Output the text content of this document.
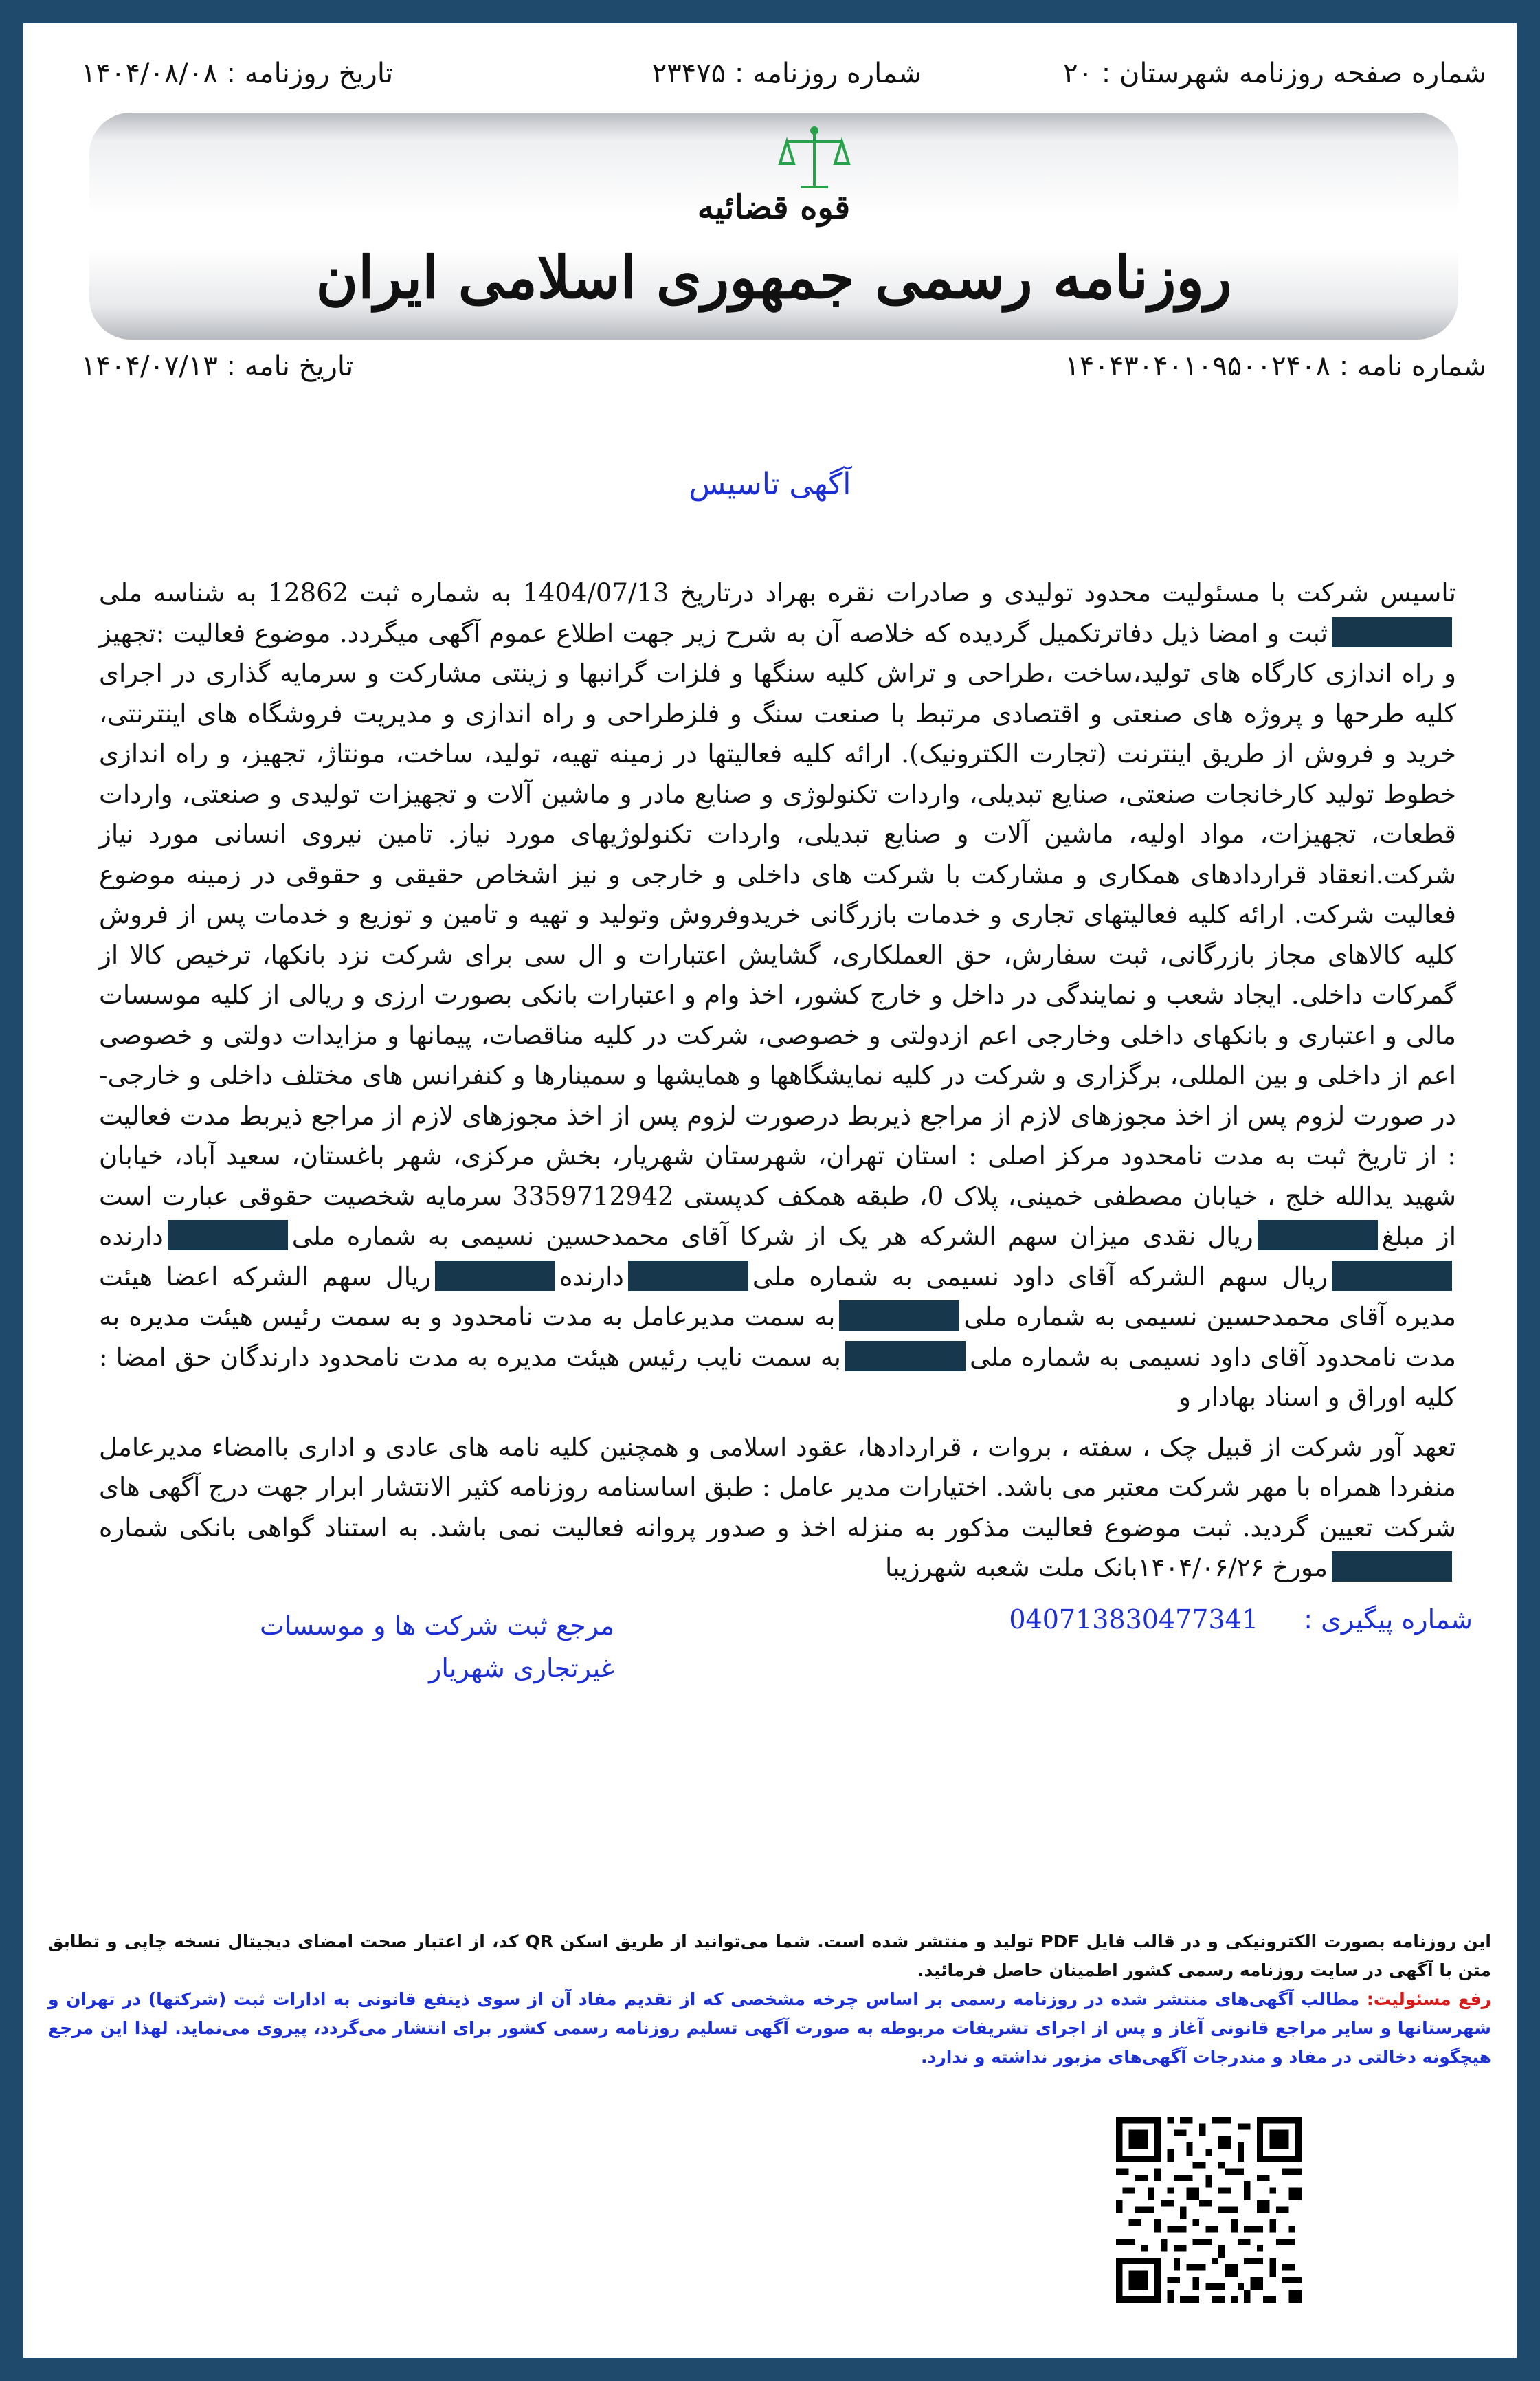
شماره صفحه روزنامه شهرستان : ۲۰
شماره روزنامه : ۲۳۴۷۵
تاریخ روزنامه : ۱۴۰۴/۰۸/۰۸
قوه قضائیه
روزنامه رسمی جمهوری اسلامی ایران
شماره نامه : ۱۴۰۴۳۰۴۰۱۰۹۵۰۰۲۴۰۸
تاریخ نامه : ۱۴۰۴/۰۷/۱۳
آگهی تاسیس

تاسیس شرکت با مسئولیت محدود تولیدی و صادرات نقره بهراد درتاریخ 1404/07/13 به شماره ثبت 12862 به شناسه ملیثبت و امضا ذیل دفاترتکمیل گردیده که خلاصه آن به شرح زیر جهت اطلاع عموم آگهی میگردد. موضوع فعالیت :تجهیز و راه اندازی کارگاه های تولید،ساخت ،طراحی و تراش کلیه سنگها و فلزات گرانبها و زینتی مشارکت و سرمایه گذاری در اجرای کلیه طرحها و پروژه های صنعتی و اقتصادی مرتبط با صنعت سنگ و فلزطراحی و راه اندازی و مدیریت فروشگاه های اینترنتی، خرید و فروش از طریق اینترنت (تجارت الکترونیک). ارائه کلیه فعالیتها در زمینه تهیه، تولید، ساخت، مونتاژ، تجهیز، و راه اندازی خطوط تولید کارخانجات صنعتی، صنایع تبدیلی، واردات تکنولوژی و صنایع مادر و ماشین آلات و تجهیزات تولیدی و صنعتی، واردات قطعات، تجهیزات، مواد اولیه، ماشین آلات و صنایع تبدیلی، واردات تکنولوژیهای مورد نیاز. تامین نیروی انسانی مورد نیاز شرکت.انعقاد قراردادهای همکاری و مشارکت با شرکت های داخلی و خارجی و نیز اشخاص حقیقی و حقوقی در زمینه موضوع فعالیت شرکت. ارائه کلیه فعالیتهای تجاری و خدمات بازرگانی خریدوفروش وتولید و تهیه و تامین و توزیع و خدمات پس از فروش کلیه کالاهای مجاز بازرگانی، ثبت سفارش، حق العملکاری، گشایش اعتبارات و ال سی برای شرکت نزد بانکها، ترخیص کالا از گمرکات داخلی. ایجاد شعب و نمایندگی در داخل و خارج کشور، اخذ وام و اعتبارات بانکی بصورت ارزی و ریالی از کلیه موسسات مالی و اعتباری و بانکهای داخلی وخارجی اعم ازدولتی و خصوصی، شرکت در کلیه مناقصات، پیمانها و مزایدات دولتی و خصوصی اعم از داخلی و بین المللی، برگزاری و شرکت در کلیه نمایشگاهها و همایشها و سمینارها و کنفرانس های مختلف داخلی و خارجی- در صورت لزوم پس از اخذ مجوزهای لازم از مراجع ذیربط درصورت لزوم پس از اخذ مجوزهای لازم از مراجع ذیربط مدت فعالیت : از تاریخ ثبت به مدت نامحدود مرکز اصلی : استان تهران، شهرستان شهریار، بخش مرکزی، شهر باغستان، سعید آباد، خیابان شهید یدالله خلج ، خیابان مصطفی خمینی، پلاک 0، طبقه همکف کدپستی 3359712942 سرمایه شخصیت حقوقی عبارت است از مبلغریال نقدی میزان سهم الشرکه هر یک از شرکا آقای محمدحسین نسیمی به شماره ملیدارندهریال سهم الشرکه آقای داود نسیمی به شماره ملیدارندهریال سهم الشرکه اعضا هیئت مدیره آقای محمدحسین نسیمی به شماره ملیبه سمت مدیرعامل به مدت نامحدود و به سمت رئیس هیئت مدیره به مدت نامحدود آقای داود نسیمی به شماره ملیبه سمت نایب رئیس هیئت مدیره به مدت نامحدود دارندگان حق امضا : کلیه اوراق و اسناد بهادار و

تعهد آور شرکت از قبیل چک ، سفته ، بروات ، قراردادها، عقود اسلامی و همچنین کلیه نامه های عادی و اداری باامضاء مدیرعامل منفردا همراه با مهر شرکت معتبر می باشد. اختیارات مدیر عامل : طبق اساسنامه روزنامه کثیر الانتشار ابرار جهت درج آگهی های شرکت تعیین گردید. ثبت موضوع فعالیت مذکور به منزله اخذ و صدور پروانه فعالیت نمی باشد. به استناد گواهی بانکی شمارهمورخ ۱۴۰۴/۰۶/۲۶بانک ملت شعبه شهرزیبا

شماره پیگیری :
040713830477341
مرجع ثبت شرکت ها و موسسات
غیرتجاری شهریار

این روزنامه بصورت الکترونیکی و در قالب فایل PDF تولید و منتشر شده است. شما می‌توانید از طریق اسکن QR کد، از اعتبار صحت امضای دیجیتال نسخه چاپی و تطابق متن با آگهی در سایت روزنامه رسمی کشور اطمینان حاصل فرمائید.

رفع مسئولیت: مطالب آگهی‌های منتشر شده در روزنامه رسمی بر اساس چرخه مشخصی که از تقدیم مفاد آن از سوی ذینفع قانونی به ادارات ثبت (شرکتها) در تهران و شهرستانها و سایر مراجع قانونی آغاز و پس از اجرای تشریفات مربوطه به صورت آگهی تسلیم روزنامه رسمی کشور برای انتشار می‌گردد، پیروی می‌نماید. لهذا این مرجع هیچگونه دخالتی در مفاد و مندرجات آگهی‌های مزبور نداشته و ندارد.
